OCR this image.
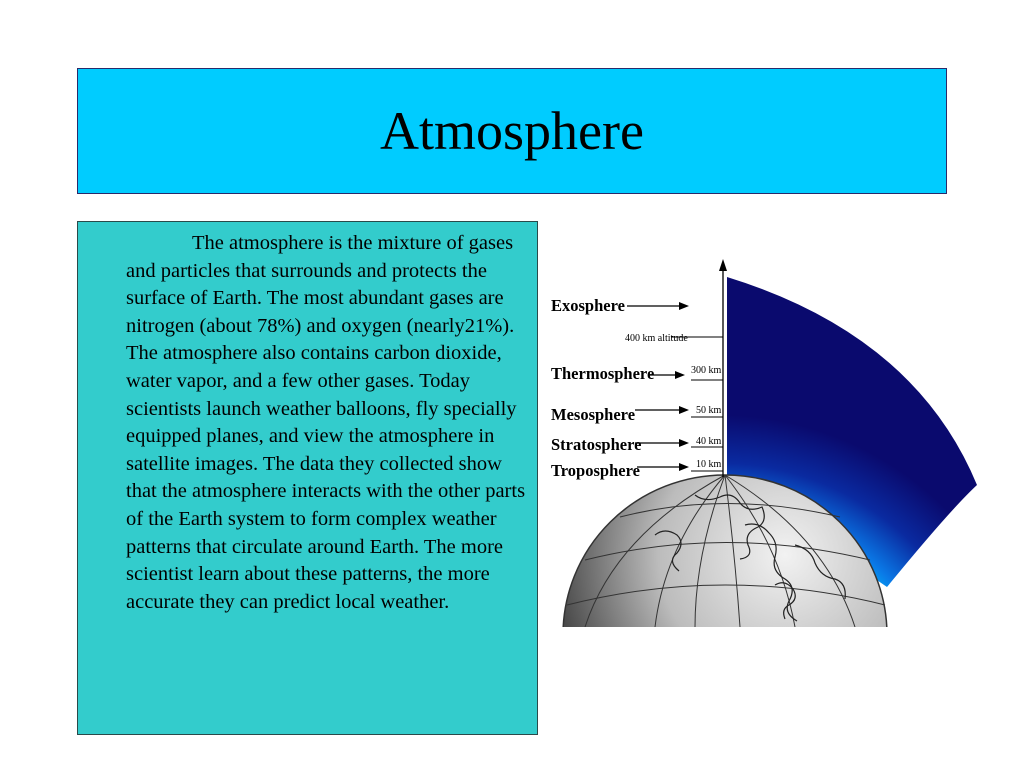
Atmosphere

The atmosphere is the mixture of gases and particles that surrounds and protects the surface of Earth. The most abundant gases are nitrogen (about 78%) and oxygen (nearly21%). The atmosphere also contains carbon dioxide, water vapor, and a few other gases. Today scientists launch weather balloons, fly specially equipped planes, and view the atmosphere in satellite images. The data they collected show that the atmosphere interacts with the other parts of the Earth system to form complex weather patterns that circulate around Earth. The more scientist learn about these patterns, the more accurate they can predict local weather.

400 km altitude
300 km
50 km
40 km
10 km
Exosphere
Thermosphere
Mesosphere
Stratosphere
Troposphere
